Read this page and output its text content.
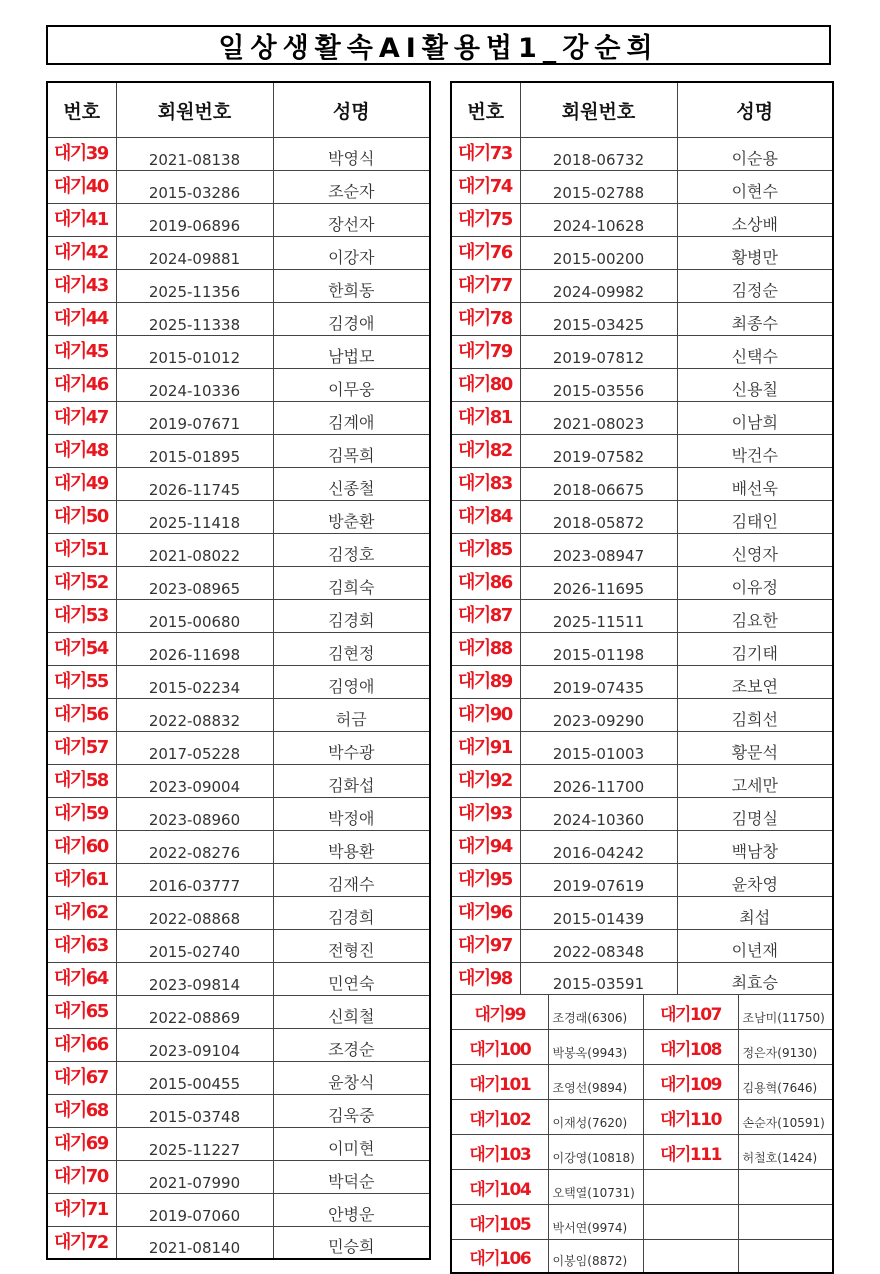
일상생활속AI활용법1_강순희
번호	회원번호	성명
대기39	2021-08138	박영식
대기40	2015-03286	조순자
대기41	2019-06896	장선자
대기42	2024-09881	이강자
대기43	2025-11356	한희동
대기44	2025-11338	김경애
대기45	2015-01012	남법모
대기46	2024-10336	이무웅
대기47	2019-07671	김계애
대기48	2015-01895	김목희
대기49	2026-11745	신종철
대기50	2025-11418	방춘환
대기51	2021-08022	김정호
대기52	2023-08965	김희숙
대기53	2015-00680	김경회
대기54	2026-11698	김현정
대기55	2015-02234	김영애
대기56	2022-08832	허금
대기57	2017-05228	박수광
대기58	2023-09004	김화섭
대기59	2023-08960	박정애
대기60	2022-08276	박용환
대기61	2016-03777	김재수
대기62	2022-08868	김경희
대기63	2015-02740	전형진
대기64	2023-09814	민연숙
대기65	2022-08869	신희철
대기66	2023-09104	조경순
대기67	2015-00455	윤창식
대기68	2015-03748	김욱중
대기69	2025-11227	이미현
대기70	2021-07990	박덕순
대기71	2019-07060	안병운
대기72	2021-08140	민승희
번호	회원번호	성명
대기73	2018-06732	이순용
대기74	2015-02788	이현수
대기75	2024-10628	소상배
대기76	2015-00200	황병만
대기77	2024-09982	김정순
대기78	2015-03425	최종수
대기79	2019-07812	신택수
대기80	2015-03556	신용칠
대기81	2021-08023	이남희
대기82	2019-07582	박건수
대기83	2018-06675	배선욱
대기84	2018-05872	김태인
대기85	2023-08947	신영자
대기86	2026-11695	이유정
대기87	2025-11511	김요한
대기88	2015-01198	김기태
대기89	2019-07435	조보연
대기90	2023-09290	김희선
대기91	2015-01003	황문석
대기92	2026-11700	고세만
대기93	2024-10360	김명실
대기94	2016-04242	백남창
대기95	2019-07619	윤차영
대기96	2015-01439	최섭
대기97	2022-08348	이년재
대기98	2015-03591	최효승

대기99	조경래(6306)	대기107	조남미(11750)
대기100	박봉옥(9943)	대기108	정은자(9130)
대기101	조영선(9894)	대기109	김용혁(7646)
대기102	이재성(7620)	대기110	손순자(10591)
대기103	이강영(10818)	대기111	허철호(1424)
대기104	오택열(10731)		
대기105	박서연(9974)		
대기106	이봉임(8872)		
